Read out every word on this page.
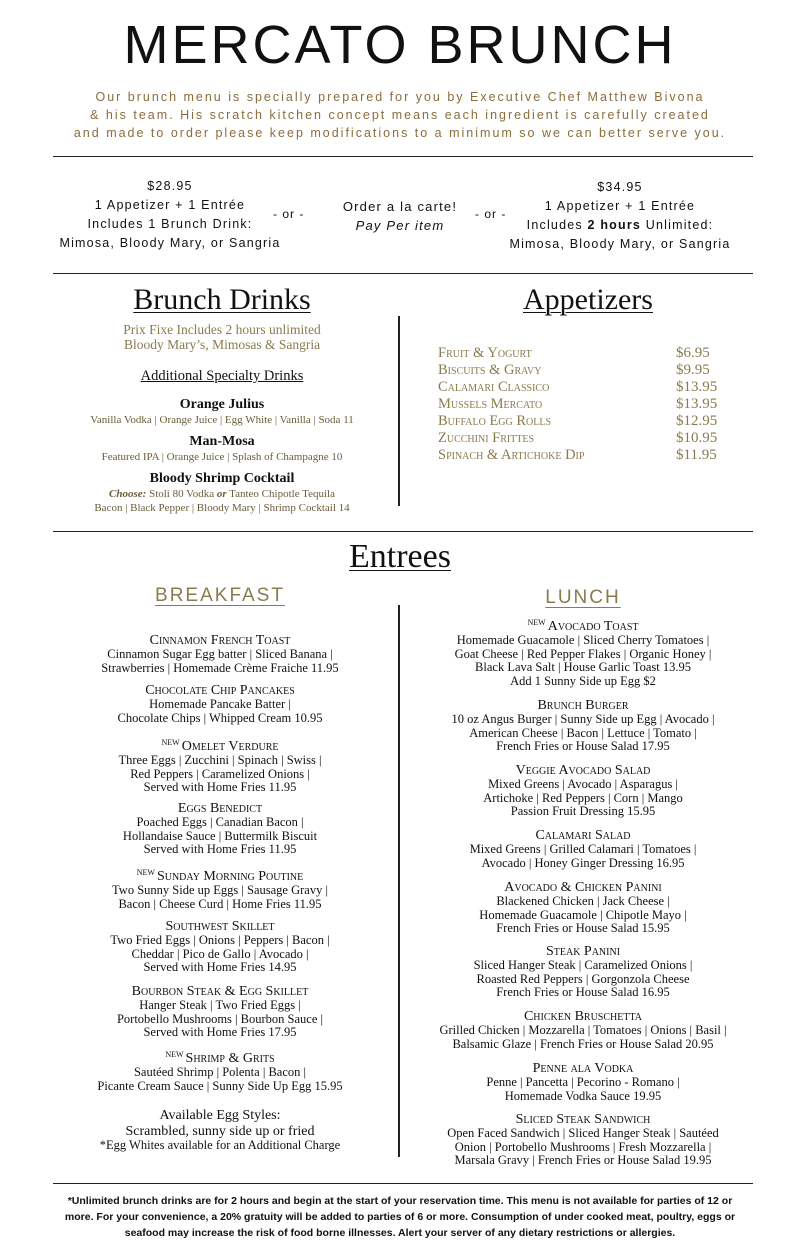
MERCATO BRUNCH
Our brunch menu is specially prepared for you by Executive Chef Matthew Bivona
& his team. His scratch kitchen concept means each ingredient is carefully created
and made to order please keep modifications to a minimum so we can better serve you.
$28.95
1 Appetizer + 1 Entrée
Includes 1 Brunch Drink:
Mimosa, Bloody Mary, or Sangria
- or -	Order a la carte!
Pay Per item
- or -
$34.95
1 Appetizer + 1 Entrée
Includes 2 hours Unlimited:
Mimosa, Bloody Mary, or Sangria
Brunch Drinks
Prix Fixe Includes 2 hours unlimited
Bloody Mary’s, Mimosas & Sangria
Additional Specialty Drinks
Orange Julius
Vanilla Vodka | Orange Juice | Egg White | Vanilla | Soda 11
Man-Mosa
Featured IPA | Orange Juice | Splash of Champagne 10
Bloody Shrimp Cocktail
Choose: Stoli 80 Vodka or Tanteo Chipotle Tequila
Bacon | Black Pepper | Bloody Mary | Shrimp Cocktail 14
Appetizers
Fruit & Yogurt	$6.95
Biscuits & Gravy	$9.95
Calamari Classico	$13.95
Mussels Mercato	$13.95
Buffalo Egg Rolls	$12.95
Zucchini Frittes	$10.95
Spinach & Artichoke Dip	$11.95
Entrees
BREAKFAST	LUNCH
Cinnamon French Toast
Cinnamon Sugar Egg batter | Sliced Banana |
Strawberries | Homemade Crème Fraiche 11.95
Chocolate Chip Pancakes
Homemade Pancake Batter |
Chocolate Chips | Whipped Cream 10.95
$^{NEW}$ Omelet Verdure
Three Eggs | Zucchini | Spinach | Swiss |
Red Peppers | Caramelized Onions |
Served with Home Fries 11.95
Eggs Benedict
Poached Eggs | Canadian Bacon |
Hollandaise Sauce | Buttermilk Biscuit
Served with Home Fries 11.95
$^{NEW}$ Sunday Morning Poutine
Two Sunny Side up Eggs | Sausage Gravy |
Bacon | Cheese Curd | Home Fries 11.95
Southwest Skillet
Two Fried Eggs | Onions | Peppers | Bacon |
Cheddar | Pico de Gallo | Avocado |
Served with Home Fries 14.95
Bourbon Steak & Egg Skillet
Hanger Steak | Two Fried Eggs |
Portobello Mushrooms | Bourbon Sauce |
Served with Home Fries 17.95
$^{NEW}$ Shrimp & Grits
Sautéed Shrimp | Polenta | Bacon |
Picante Cream Sauce | Sunny Side Up Egg 15.95
Available Egg Styles:
Scrambled, sunny side up or fried
*Egg Whites available for an Additional Charge
$^{NEW}$ Avocado Toast
Homemade Guacamole | Sliced Cherry Tomatoes |
Goat Cheese | Red Pepper Flakes | Organic Honey |
Black Lava Salt | House Garlic Toast 13.95
Add 1 Sunny Side up Egg $2
Brunch Burger
10 oz Angus Burger | Sunny Side up Egg | Avocado |
American Cheese | Bacon | Lettuce | Tomato |
French Fries or House Salad 17.95
Veggie Avocado Salad
Mixed Greens | Avocado | Asparagus |
Artichoke | Red Peppers | Corn | Mango
Passion Fruit Dressing 15.95
Calamari Salad
Mixed Greens | Grilled Calamari | Tomatoes |
Avocado | Honey Ginger Dressing 16.95
Avocado & Chicken Panini
Blackened Chicken | Jack Cheese |
Homemade Guacamole | Chipotle Mayo |
French Fries or House Salad 15.95
Steak Panini
Sliced Hanger Steak | Caramelized Onions |
Roasted Red Peppers | Gorgonzola Cheese
French Fries or House Salad 16.95
Chicken Bruschetta
Grilled Chicken | Mozzarella | Tomatoes | Onions | Basil |
Balsamic Glaze | French Fries or House Salad 20.95
Penne ala Vodka
Penne | Pancetta | Pecorino - Romano |
Homemade Vodka Sauce 19.95
Sliced Steak Sandwich
Open Faced Sandwich | Sliced Hanger Steak | Sautéed
Onion | Portobello Mushrooms | Fresh Mozzarella |
Marsala Gravy | French Fries or House Salad 19.95
*Unlimited brunch drinks are for 2 hours and begin at the start of your reservation time. This menu is not available for parties of 12 or
more. For your convenience, a 20% gratuity will be added to parties of 6 or more. Consumption of under cooked meat, poultry, eggs or
seafood may increase the risk of food borne illnesses. Alert your server of any dietary restrictions or allergies.
